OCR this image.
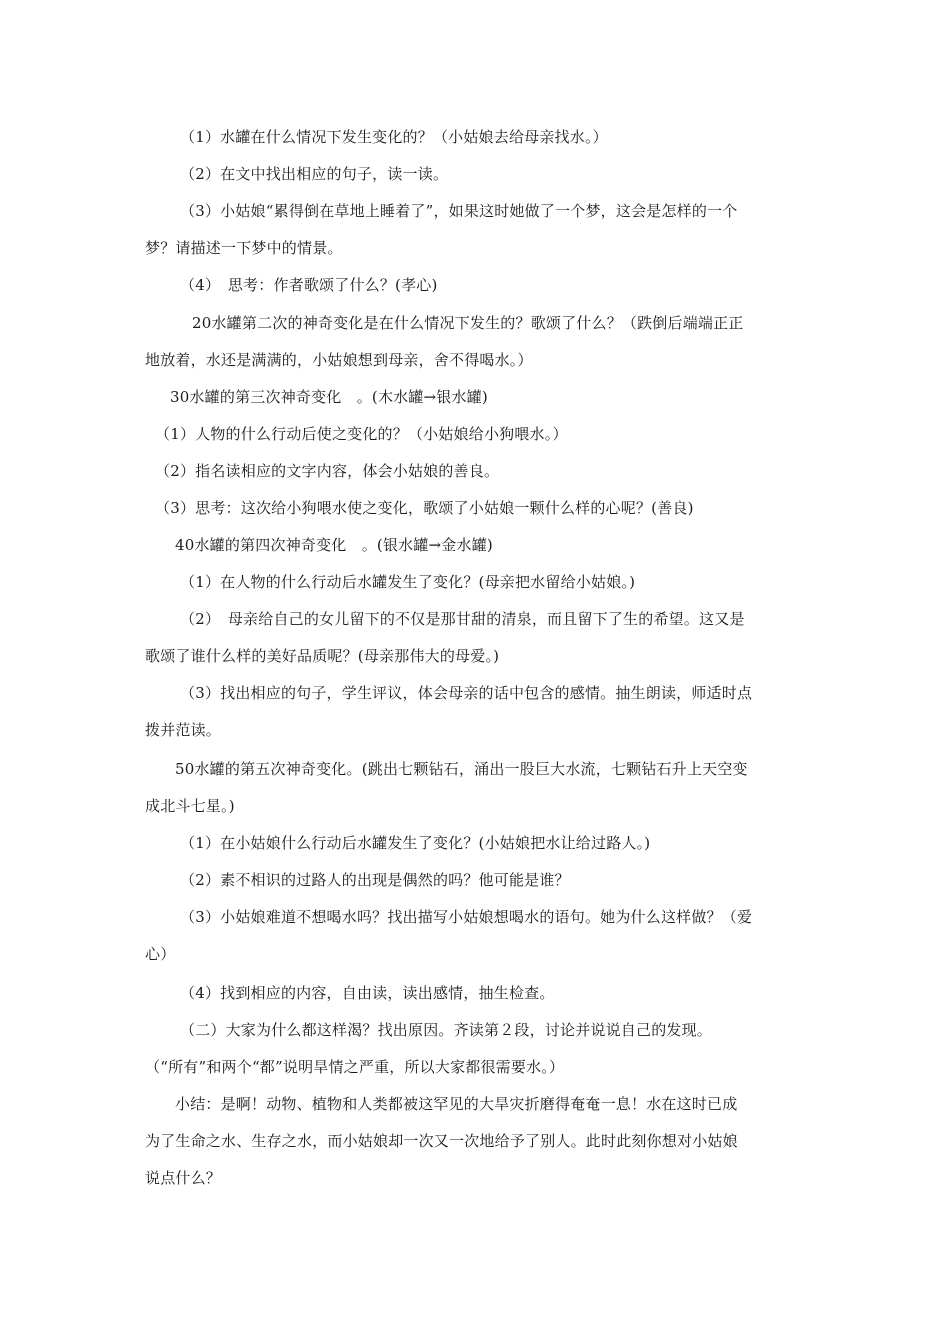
（1）水罐在什么情况下发生变化的？（小姑娘去给母亲找水。）
（2）在文中找出相应的句子，读一读。
（3）小姑娘“累得倒在草地上睡着了”，如果这时她做了一个梦，这会是怎样的一个
梦？请描述一下梦中的情景。
（4）　思考：作者歌颂了什么？(孝心)
20水罐第二次的神奇变化是在什么情况下发生的？歌颂了什么？（跌倒后端端正正
地放着，水还是满满的，小姑娘想到母亲，舍不得喝水。）
30水罐的第三次神奇变化　。(木水罐→银水罐)
（1）人物的什么行动后使之变化的？（小姑娘给小狗喂水。）
（2）指名读相应的文字内容，体会小姑娘的善良。
（3）思考：这次给小狗喂水使之变化，歌颂了小姑娘一颗什么样的心呢？(善良)
40水罐的第四次神奇变化　。(银水罐→金水罐)
（1）在人物的什么行动后水罐发生了变化？(母亲把水留给小姑娘。)
（2）　母亲给自己的女儿留下的不仅是那甘甜的清泉，而且留下了生的希望。这又是
歌颂了谁什么样的美好品质呢？(母亲那伟大的母爱。)
（3）找出相应的句子，学生评议，体会母亲的话中包含的感情。抽生朗读，师适时点
拨并范读。
50水罐的第五次神奇变化。(跳出七颗钻石，涌出一股巨大水流，七颗钻石升上天空变
成北斗七星。)
（1）在小姑娘什么行动后水罐发生了变化？(小姑娘把水让给过路人。)
（2）素不相识的过路人的出现是偶然的吗？他可能是谁？
（3）小姑娘难道不想喝水吗？找出描写小姑娘想喝水的语句。她为什么这样做？（爱
心）
（4）找到相应的内容，自由读，读出感情，抽生检查。
（二）大家为什么都这样渴？找出原因。齐读第２段，讨论并说说自己的发现。
（“所有”和两个“都”说明旱情之严重，所以大家都很需要水。）
小结：是啊！动物、植物和人类都被这罕见的大旱灾折磨得奄奄一息！水在这时已成
为了生命之水、生存之水，而小姑娘却一次又一次地给予了别人。此时此刻你想对小姑娘
说点什么？
